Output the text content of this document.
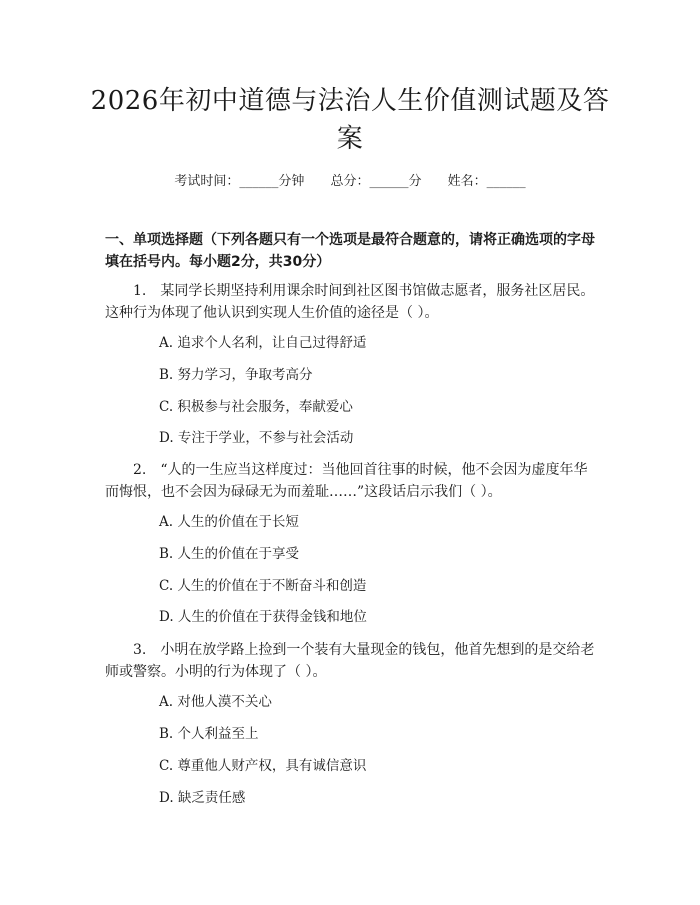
2026年初中道德与法治人生价值测试题及答案
考试时间：______分钟 总分：______分 姓名：______
一、单项选择题（下列各题只有一个选项是最符合题意的，请将正确选项的字母填在括号内。每小题2分，共30分）
1.　某同学长期坚持利用课余时间到社区图书馆做志愿者，服务社区居民。这种行为体现了他认识到实现人生价值的途径是（ ）。
A. 追求个人名利，让自己过得舒适
B. 努力学习，争取考高分
C. 积极参与社会服务，奉献爱心
D. 专注于学业，不参与社会活动
2.　“人的一生应当这样度过：当他回首往事的时候，他不会因为虚度年华而悔恨，也不会因为碌碌无为而羞耻……”这段话启示我们（ ）。
A. 人生的价值在于长短
B. 人生的价值在于享受
C. 人生的价值在于不断奋斗和创造
D. 人生的价值在于获得金钱和地位
3.　小明在放学路上捡到一个装有大量现金的钱包，他首先想到的是交给老师或警察。小明的行为体现了（ ）。
A. 对他人漠不关心
B. 个人利益至上
C. 尊重他人财产权，具有诚信意识
D. 缺乏责任感
